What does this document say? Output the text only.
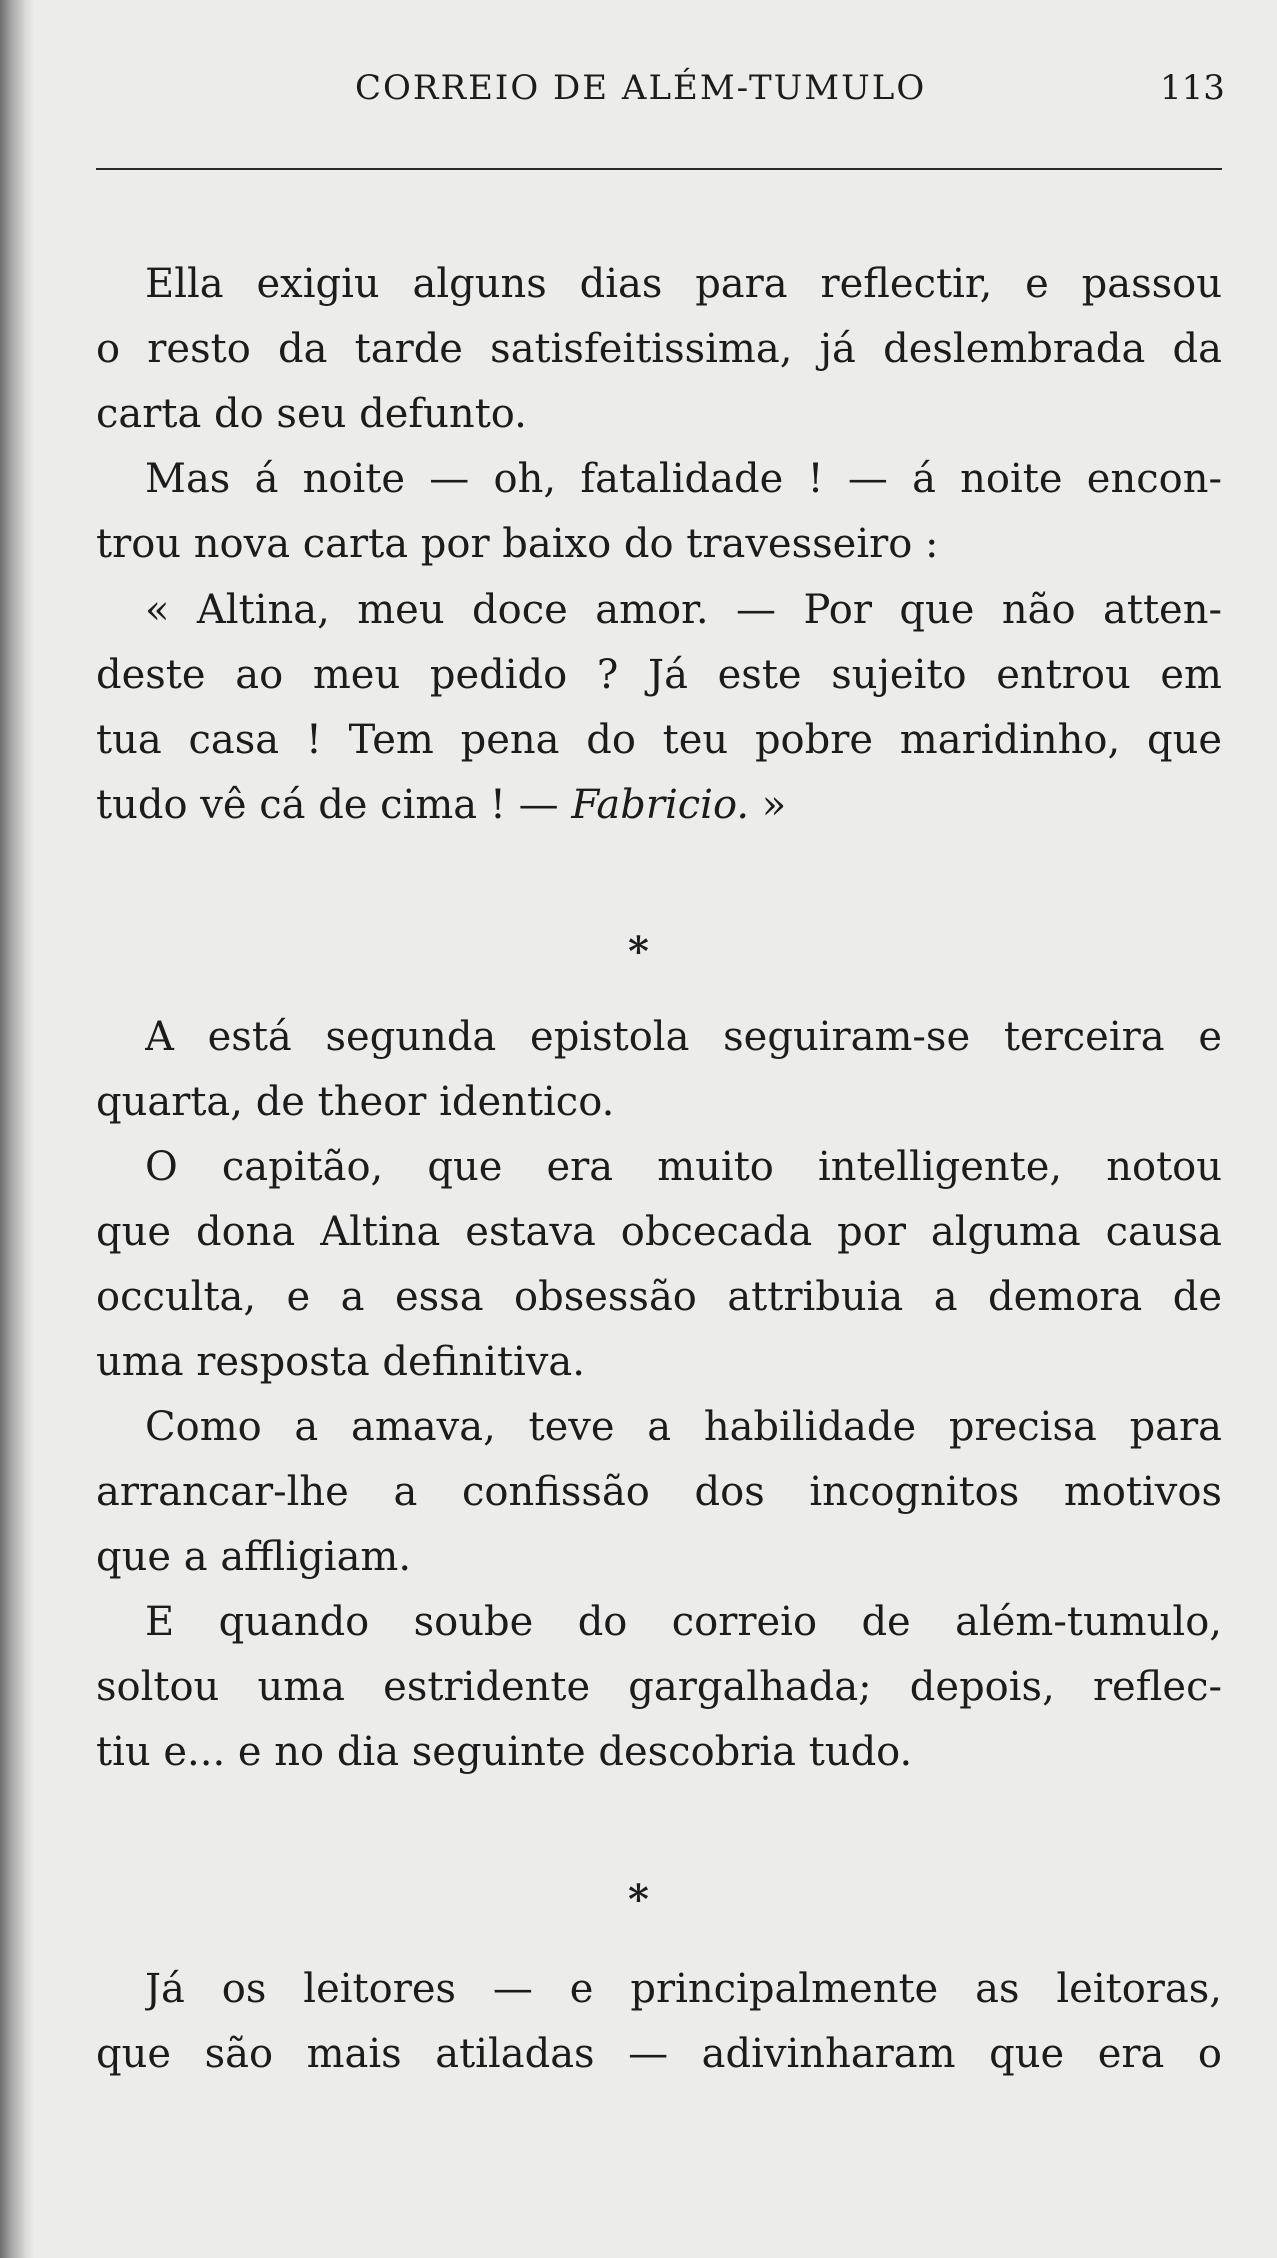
CORREIO DE ALÉM-TUMULO	113
Ella exigiu alguns dias para reflectir, e passou
o resto da tarde satisfeitissima, já deslembrada da
carta do seu defunto.
Mas á noite — oh, fatalidade ! — á noite encon-
trou nova carta por baixo do travesseiro :
« Altina, meu doce amor. — Por que não atten-
deste ao meu pedido ? Já este sujeito entrou em
tua casa ! Tem pena do teu pobre maridinho, que
tudo vê cá de cima ! — Fabricio. »
*
A está segunda epistola seguiram-se terceira e
quarta, de theor identico.
O capitão, que era muito intelligente, notou
que dona Altina estava obcecada por alguma causa
occulta, e a essa obsessão attribuia a demora de
uma resposta definitiva.
Como a amava, teve a habilidade precisa para
arrancar-lhe a confissão dos incognitos motivos
que a affligiam.
E quando soube do correio de além-tumulo,
soltou uma estridente gargalhada; depois, reflec-
tiu e... e no dia seguinte descobria tudo.
*
Já os leitores — e principalmente as leitoras,
que são mais atiladas — adivinharam que era o
